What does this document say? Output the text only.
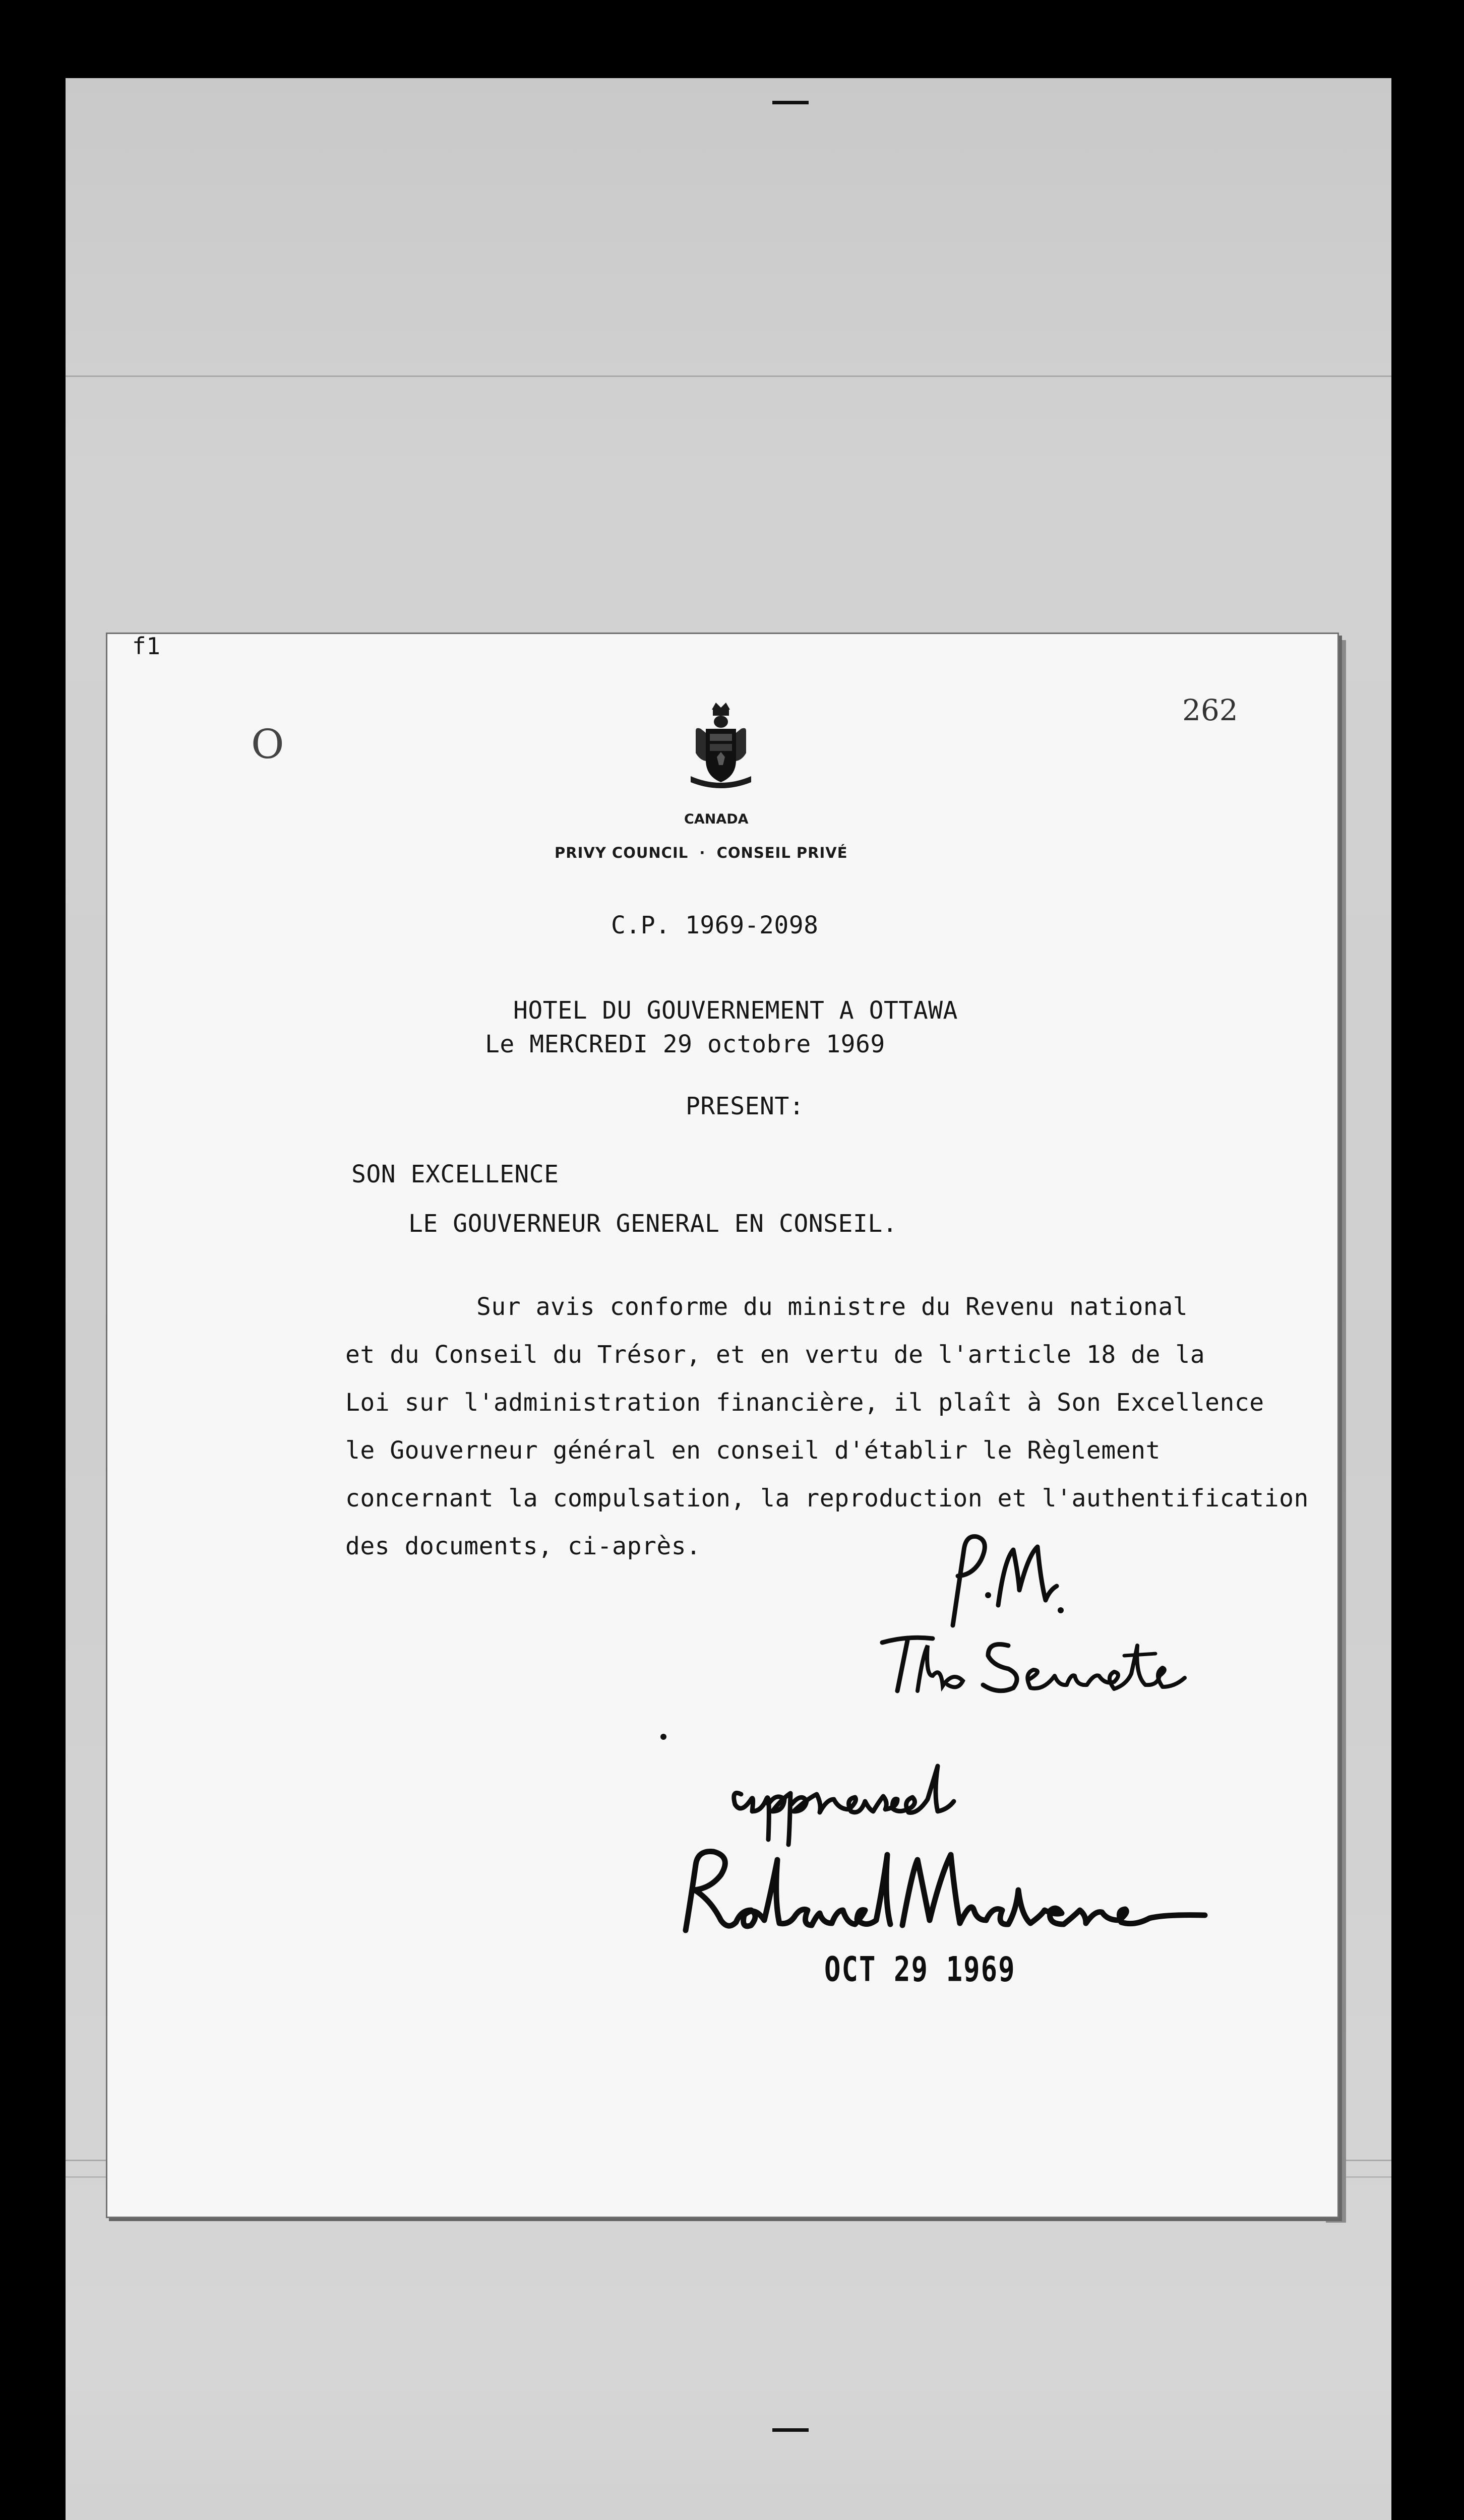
f1
262
O
CANADA
PRIVY COUNCIL  ·  CONSEIL PRIVÉ
C.P. 1969-2098
HOTEL DU GOUVERNEMENT A OTTAWA
Le MERCREDI 29 octobre 1969
PRESENT:
SON EXCELLENCE
LE GOUVERNEUR GENERAL EN CONSEIL.
Sur avis conforme du ministre du Revenu national
et du Conseil du Trésor, et en vertu de l'article 18 de la
Loi sur l'administration financière, il plaît à Son Excellence
le Gouverneur général en conseil d'établir le Règlement
concernant la compulsation, la reproduction et l'authentification
des documents, ci-après.
OCT 29 1969
